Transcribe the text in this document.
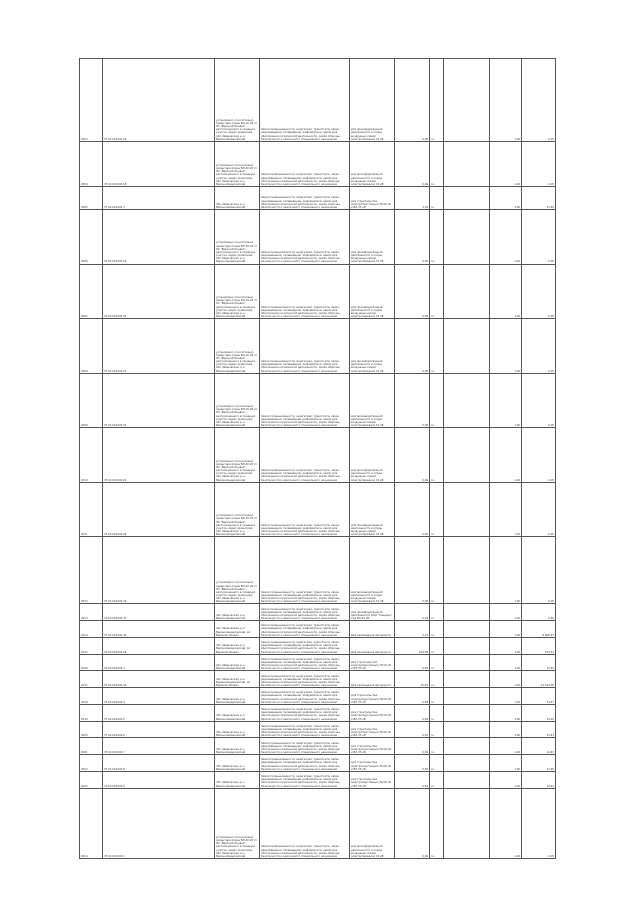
2003	37:01:010402:16	установлено относительно ориентира опоры ВЛ-10 кВ от ПС "Верхний Ландех", расположенного в границах участка. Адрес ориентира: обл. Ивановская, р-н Верхнеландеховский	Земли промышленности, энергетики, транспорта, связи, радиовещания, телевидения, информатики, земли для обеспечения космической деятельности, земли обороны, безопасности и земли иного специального назначения	для производственной деятельности и опоры воздушных линий электропередачи 10 кВ	0,00	га		1,00	0,05
2004	37:01:010402:18	установлено относительно ориентира опоры ВЛ-10 кВ от ПС "Верхний Ландех", расположенного в границах участка. Адрес ориентира: обл. Ивановская, р-н Верхнеландеховский	Земли промышленности, энергетики, транспорта, связи, радиовещания, телевидения, информатики, земли для обеспечения космической деятельности, земли обороны, безопасности и земли иного специального назначения	для производственной деятельности и опоры воздушных линий электропередачи 10 кВ	0,00	га		1,00	0,05
2005	37:01:010402:3	обл. Ивановская, р-н Верхнеландеховский	Земли промышленности, энергетики, транспорта, связи, радиовещания, телевидения, информатики, земли для обеспечения космической деятельности, земли обороны, безопасности и земли иного специального назначения	для строительства электроподстанции 35/10 кВ и ВЛ-35 кВ	4,54	га		1,00	11,56
2006	37:01:010402:22	установлено относительно ориентира опоры ВЛ-10 кВ от ПС "Верхний Ландех", расположенного в границах участка. Адрес ориентира: обл. Ивановская, р-н Верхнеландеховский	Земли промышленности, энергетики, транспорта, связи, радиовещания, телевидения, информатики, земли для обеспечения космической деятельности, земли обороны, безопасности и земли иного специального назначения	для производственной деятельности и опоры воздушных линий электропередачи 10 кВ	0,00	га		1,00	0,05
2007	37:01:010402:25	установлено относительно ориентира опоры ВЛ-10 кВ от ПС "Верхний Ландех", расположенного в границах участка. Адрес ориентира: обл. Ивановская, р-н Верхнеландеховский	Земли промышленности, энергетики, транспорта, связи, радиовещания, телевидения, информатики, земли для обеспечения космической деятельности, земли обороны, безопасности и земли иного специального назначения	для производственной деятельности и опоры воздушных линий электропередачи 10 кВ	0,00	га		1,00	0,05
2008	37:01:010402:23	установлено относительно ориентира опоры ВЛ-10 кВ от ПС "Верхний Ландех", расположенного в границах участка. Адрес ориентира: обл. Ивановская, р-н Верхнеландеховский	Земли промышленности, энергетики, транспорта, связи, радиовещания, телевидения, информатики, земли для обеспечения космической деятельности, земли обороны, безопасности и земли иного специального назначения	для производственной деятельности и опоры воздушных линий электропередачи 10 кВ	0,00	га		1,00	0,05
2009	37:01:010402:21	установлено относительно ориентира опоры ВЛ-10 кВ от ПС "Верхний Ландех", расположенного в границах участка. Адрес ориентира: обл. Ивановская, р-н Верхнеландеховский	Земли промышленности, энергетики, транспорта, связи, радиовещания, телевидения, информатики, земли для обеспечения космической деятельности, земли обороны, безопасности и земли иного специального назначения	для производственной деятельности и опоры воздушных линий электропередачи 10 кВ	0,00	га		1,00	0,05
2010	37:01:010402:24	установлено относительно ориентира опоры ВЛ-10 кВ от ПС "Верхний Ландех", расположенного в границах участка. Адрес ориентира: обл. Ивановская, р-н Верхнеландеховский	Земли промышленности, энергетики, транспорта, связи, радиовещания, телевидения, информатики, земли для обеспечения космической деятельности, земли обороны, безопасности и земли иного специального назначения	для производственной деятельности и опоры воздушных линий электропередачи 10 кВ	0,00	га		1,00	0,05
2011	37:01:010402:26	установлено относительно ориентира опоры ВЛ-10 кВ от ПС "Верхний Ландех", расположенного в границах участка. Адрес ориентира: обл. Ивановская, р-н Верхнеландеховский	Земли промышленности, энергетики, транспорта, связи, радиовещания, телевидения, информатики, земли для обеспечения космической деятельности, земли обороны, безопасности и земли иного специального назначения	для производственной деятельности и опоры воздушных линий электропередачи 10 кВ	0,00	га		1,00	0,05
2012	37:01:010402:30	установлено относительно ориентира опоры ВЛ-10 кВ от ПС "Верхний Ландех", расположенного в границах участка. Адрес ориентира: обл. Ивановская, р-н Верхнеландеховский	Земли промышленности, энергетики, транспорта, связи, радиовещания, телевидения, информатики, земли для обеспечения космической деятельности, земли обороны, безопасности и земли иного специального назначения	для производственной деятельности и опоры воздушных линий электропередачи 10 кВ	0,00	га		1,00	0,05
2013	37:01:010402:37	обл. Ивановская, р-н Верхнеландеховский	Земли промышленности, энергетики, транспорта, связи, радиовещания, телевидения, информатики, земли для обеспечения космической деятельности, земли обороны, безопасности и земли иного специального назначения	для производственной деятельности ООО "Ландеха" под ВЛ-10 кВ	0,18	га		1,00	0,46
2014	37:01:010402:32	обл. Ивановская, р-н Верхнеландеховский, рп. Верхний Ландех	Земли промышленности, энергетики, транспорта, связи, радиовещания, телевидения, информатики, земли для обеспечения космической деятельности, земли обороны, безопасности и земли иного специального назначения	Для размещения автодороги	3,14	га		1,00	8 006,32
2015	37:01:010402:28	обл. Ивановская, р-н Верхнеландеховский, рп. Верхний Ландех	Земли промышленности, энергетики, транспорта, связи, радиовещания, телевидения, информатики, земли для обеспечения космической деятельности, земли обороны, безопасности и земли иного специального назначения	Для размещения автодороги	404,00	га		1,00	270,51
2016	37:01:010402:3	обл. Ивановская, р-н Верхнеландеховский	Земли промышленности, энергетики, транспорта, связи, радиовещания, телевидения, информатики, земли для обеспечения космической деятельности, земли обороны, безопасности и земли иного специального назначения	для строительства электроподстанции 35/10 кВ и ВЛ-35 кВ	0,49	га		1,00	12,56
2017	37:01:010402:36	обл. Ивановская, р-н Верхнеландеховский, рп. Верхний Ландех	Земли промышленности, энергетики, транспорта, связи, радиовещания, телевидения, информатики, земли для обеспечения космической деятельности, земли обороны, безопасности и земли иного специального назначения	Для размещения автодороги	15,45	га		1,00	15 105,00
2018	37:01:010402:4	обл. Ивановская, р-н Верхнеландеховский	Земли промышленности, энергетики, транспорта, связи, радиовещания, телевидения, информатики, земли для обеспечения космической деятельности, земли обороны, безопасности и земли иного специального назначения	для строительства электроподстанции 35/10 кВ и ВЛ-35 кВ	0,48	га		1,00	11,97
2019	37:01:010402:5	обл. Ивановская, р-н Верхнеландеховский	Земли промышленности, энергетики, транспорта, связи, радиовещания, телевидения, информатики, земли для обеспечения космической деятельности, земли обороны, безопасности и земли иного специального назначения	для строительства электроподстанции 35/10 кВ и ВЛ-35 кВ	0,49	га		1,00	12,00
2020	37:01:010402:6	обл. Ивановская, р-н Верхнеландеховский	Земли промышленности, энергетики, транспорта, связи, радиовещания, телевидения, информатики, земли для обеспечения космической деятельности, земли обороны, безопасности и земли иного специального назначения	для строительства электроподстанции 35/10 кВ и ВЛ-35 кВ	0,50	га		1,00	12,63
2021	37:01:010402:7	обл. Ивановская, р-н Верхнеландеховский	Земли промышленности, энергетики, транспорта, связи, радиовещания, телевидения, информатики, земли для обеспечения космической деятельности, земли обороны, безопасности и земли иного специального назначения	для строительства электроподстанции 35/10 кВ и ВЛ-35 кВ	0,50	га		1,00	12,63
2022	37:01:010402:8	обл. Ивановская, р-н Верхнеландеховский	Земли промышленности, энергетики, транспорта, связи, радиовещания, телевидения, информатики, земли для обеспечения космической деятельности, земли обороны, безопасности и земли иного специального назначения	для строительства электроподстанции 35/10 кВ и ВЛ-35 кВ	0,50	га		1,00	11,96
2023	37:01:010402:9	обл. Ивановская, р-н Верхнеландеховский	Земли промышленности, энергетики, транспорта, связи, радиовещания, телевидения, информатики, земли для обеспечения космической деятельности, земли обороны, безопасности и земли иного специального назначения	для строительства электроподстанции 35/10 кВ и ВЛ-35 кВ	0,50	га		1,00	12,64
2024	37:01:010403:1	установлено относительно ориентира опоры ВЛ-10 кВ от ПС "Верхний Ландех", расположенного в границах участка. Адрес ориентира: обл. Ивановская, р-н Верхнеландеховский	Земли промышленности, энергетики, транспорта, связи, радиовещания, телевидения, информатики, земли для обеспечения космической деятельности, земли обороны, безопасности и земли иного специального назначения	для производственной деятельности и опоры воздушных линий электропередачи 10 кВ	0,00	га		1,00	0,05
